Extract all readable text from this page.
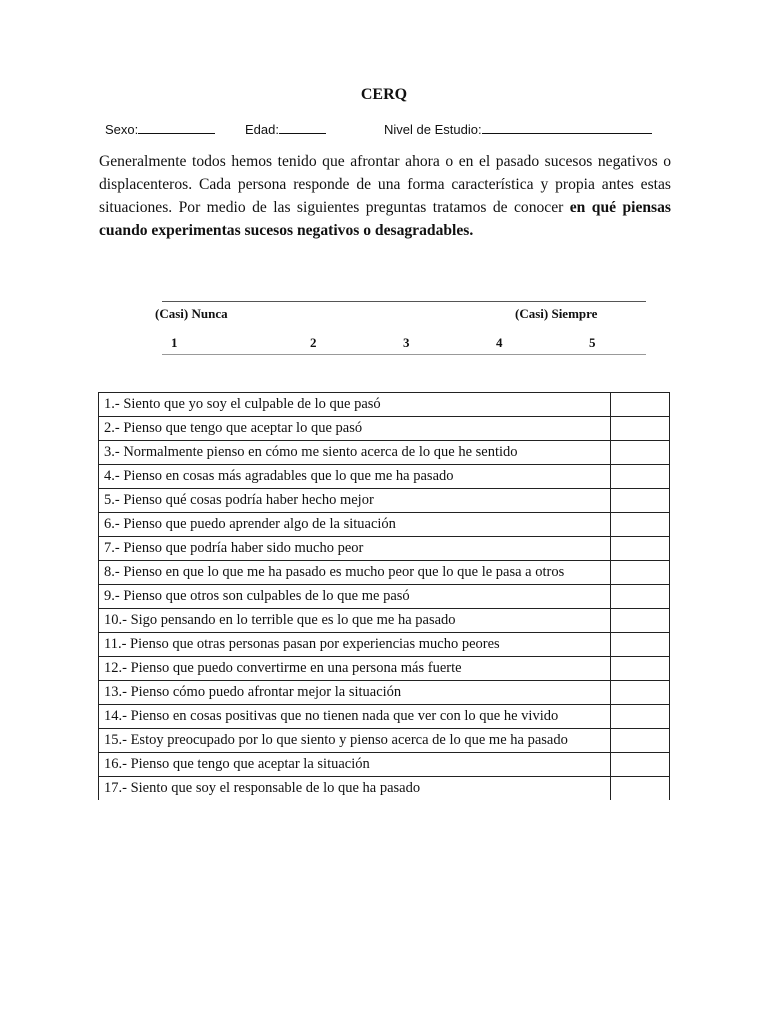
CERQ
Sexo:	Edad:	Nivel de Estudio:
Generalmente todos hemos tenido que afrontar ahora o en el pasado sucesos negativos o displacenteros. Cada persona responde de una forma característica y propia antes estas situaciones. Por medio de las siguientes preguntas tratamos de conocer en qué piensas cuando experimentas sucesos negativos o desagradables.
(Casi) Nunca	(Casi) Siempre
1	2	3	4	5
1.- Siento que yo soy el culpable de lo que pasó	
2.- Pienso que tengo que aceptar lo que pasó	
3.- Normalmente pienso en cómo me siento acerca de lo que he sentido	
4.- Pienso en cosas más agradables que lo que me ha pasado	
5.- Pienso qué cosas podría haber hecho mejor	
6.- Pienso que puedo aprender algo de la situación	
7.- Pienso que podría haber sido mucho peor	
8.- Pienso en que lo que me ha pasado es mucho peor que lo que le pasa a otros	
9.- Pienso que otros son culpables de lo que me pasó	
10.- Sigo pensando en lo terrible que es lo que me ha pasado	
11.- Pienso que otras personas pasan por experiencias mucho peores	
12.- Pienso que puedo convertirme en una persona más fuerte	
13.- Pienso cómo puedo afrontar mejor la situación	
14.- Pienso en cosas positivas que no tienen nada que ver con lo que he vivido	
15.- Estoy preocupado por lo que siento y pienso acerca de lo que me ha pasado	
16.- Pienso que tengo que aceptar la situación	
17.- Siento que soy el responsable de lo que ha pasado	
